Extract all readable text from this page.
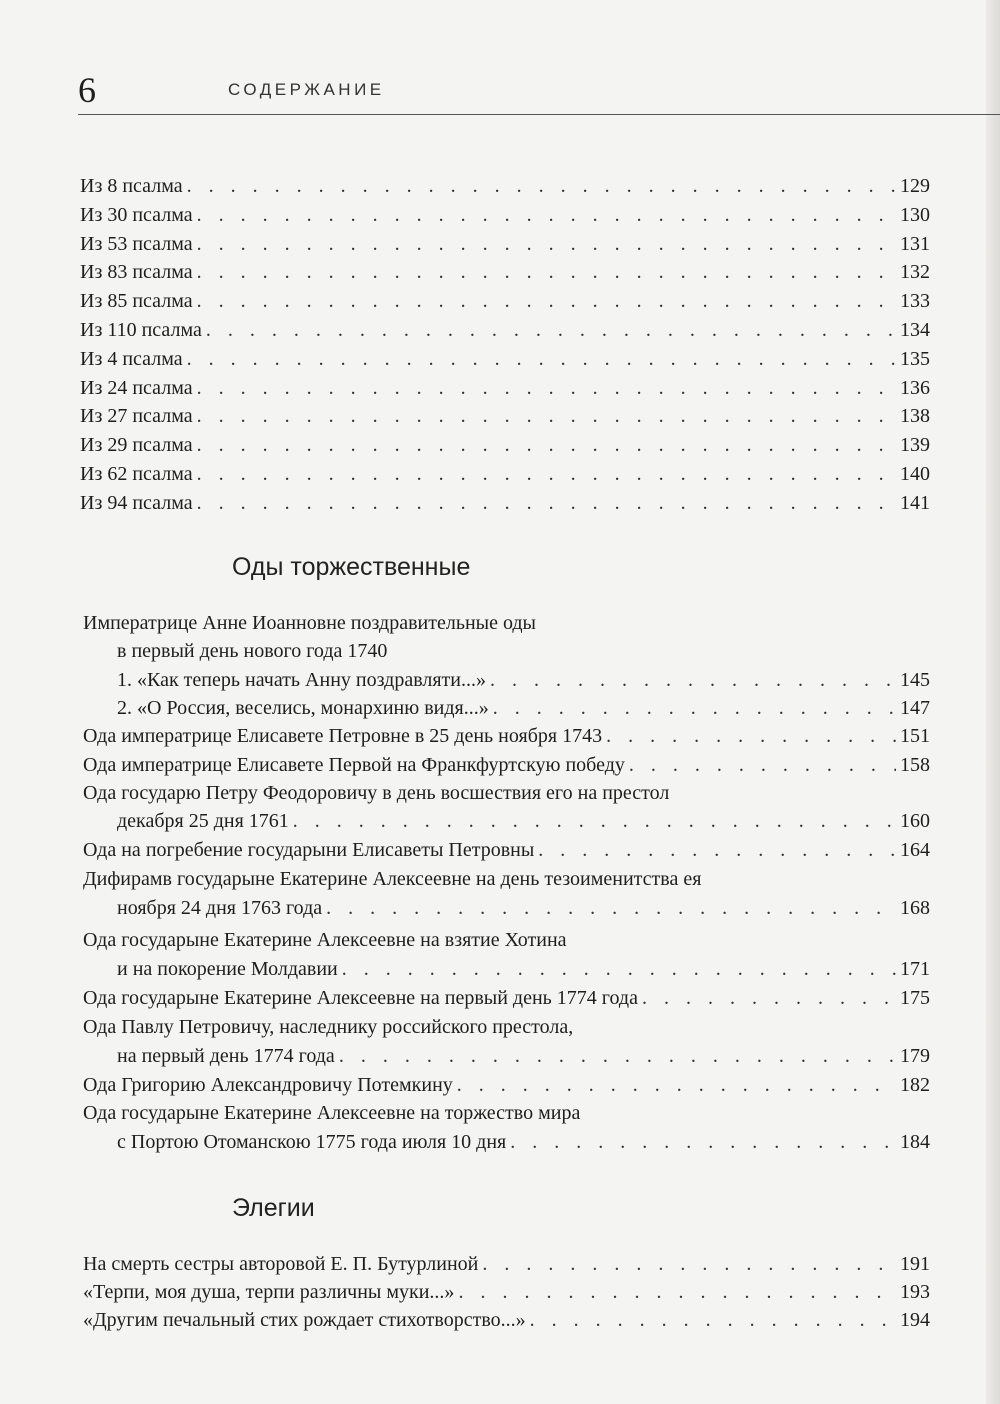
6	СОДЕРЖАНИЕ
Из 8 псалма . . .	129
Из 30 псалма . . .	130
Из 53 псалма . . .	131
Из 83 псалма . . .	132
Из 85 псалма . . .	133
Из 110 псалма . . .	134
Из 4 псалма . . .	135
Из 24 псалма . . .	136
Из 27 псалма . . .	138
Из 29 псалма . . .	139
Из 62 псалма . . .	140
Из 94 псалма . . .	141
Оды торжественные
Императрице Анне Иоанновне поздравительные оды
в первый день нового года 1740
1. «Как теперь начать Анну поздравляти...» . . .	145
2. «О Россия, веселись, монархиню видя...» . . .	147
Ода императрице Елисавете Петровне в 25 день ноября 1743 . . .	151
Ода императрице Елисавете Первой на Франкфуртскую победу . . .	158
Ода государю Петру Феодоровичу в день восшествия его на престол
декабря 25 дня 1761 . . .	160
Ода на погребение государыни Елисаветы Петровны . . .	164
Дифирамв государыне Екатерине Алексеевне на день тезоименитства ея
ноября 24 дня 1763 года . . .	168
Ода государыне Екатерине Алексеевне на взятие Хотина
и на покорение Молдавии . . .	171
Ода государыне Екатерине Алексеевне на первый день 1774 года . . .	175
Ода Павлу Петровичу, наследнику российского престола,
на первый день 1774 года . . .	179
Ода Григорию Александровичу Потемкину . . .	182
Ода государыне Екатерине Алексеевне на торжество мира
с Портою Отоманскою 1775 года июля 10 дня . . .	184
Элегии
На смерть сестры авторовой Е. П. Бутурлиной . . .	191
«Терпи, моя душа, терпи различны муки...» . . .	193
«Другим печальный стих рождает стихотворство...» . . .	194
